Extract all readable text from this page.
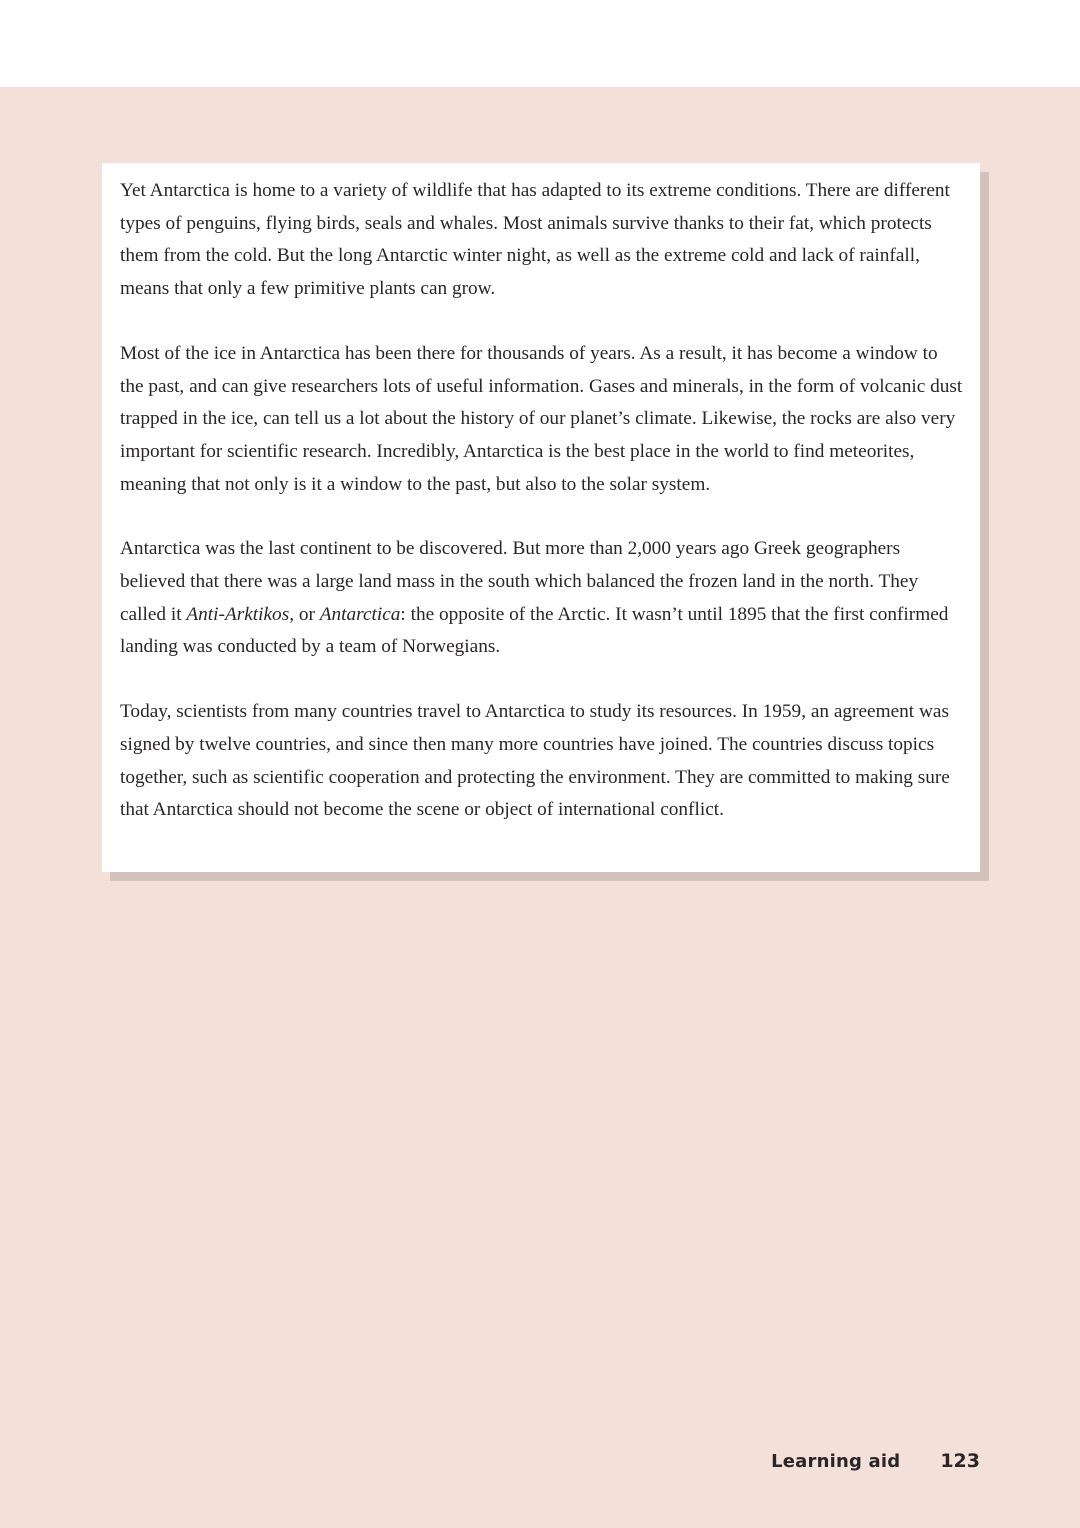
Yet Antarctica is home to a variety of wildlife that has adapted to its extreme conditions. There are different types of penguins, flying birds, seals and whales. Most animals survive thanks to their fat, which protects them from the cold. But the long Antarctic winter night, as well as the extreme cold and lack of rainfall, means that only a few primitive plants can grow.

Most of the ice in Antarctica has been there for thousands of years. As a result, it has become a window to the past, and can give researchers lots of useful information. Gases and minerals, in the form of volcanic dust trapped in the ice, can tell us a lot about the history of our planet’s climate. Likewise, the rocks are also very important for scientific research. Incredibly, Antarctica is the best place in the world to find meteorites, meaning that not only is it a window to the past, but also to the solar system.

Antarctica was the last continent to be discovered. But more than 2,000 years ago Greek geographers believed that there was a large land mass in the south which balanced the frozen land in the north. They called it Anti-Arktikos, or Antarctica: the opposite of the Arctic. It wasn’t until 1895 that the first confirmed landing was conducted by a team of Norwegians.

Today, scientists from many countries travel to Antarctica to study its resources. In 1959, an agreement was signed by twelve countries, and since then many more countries have joined. The countries discuss topics together, such as scientific cooperation and protecting the environment. They are committed to making sure that Antarctica should not become the scene or object of international conflict.

Learning aid 123
